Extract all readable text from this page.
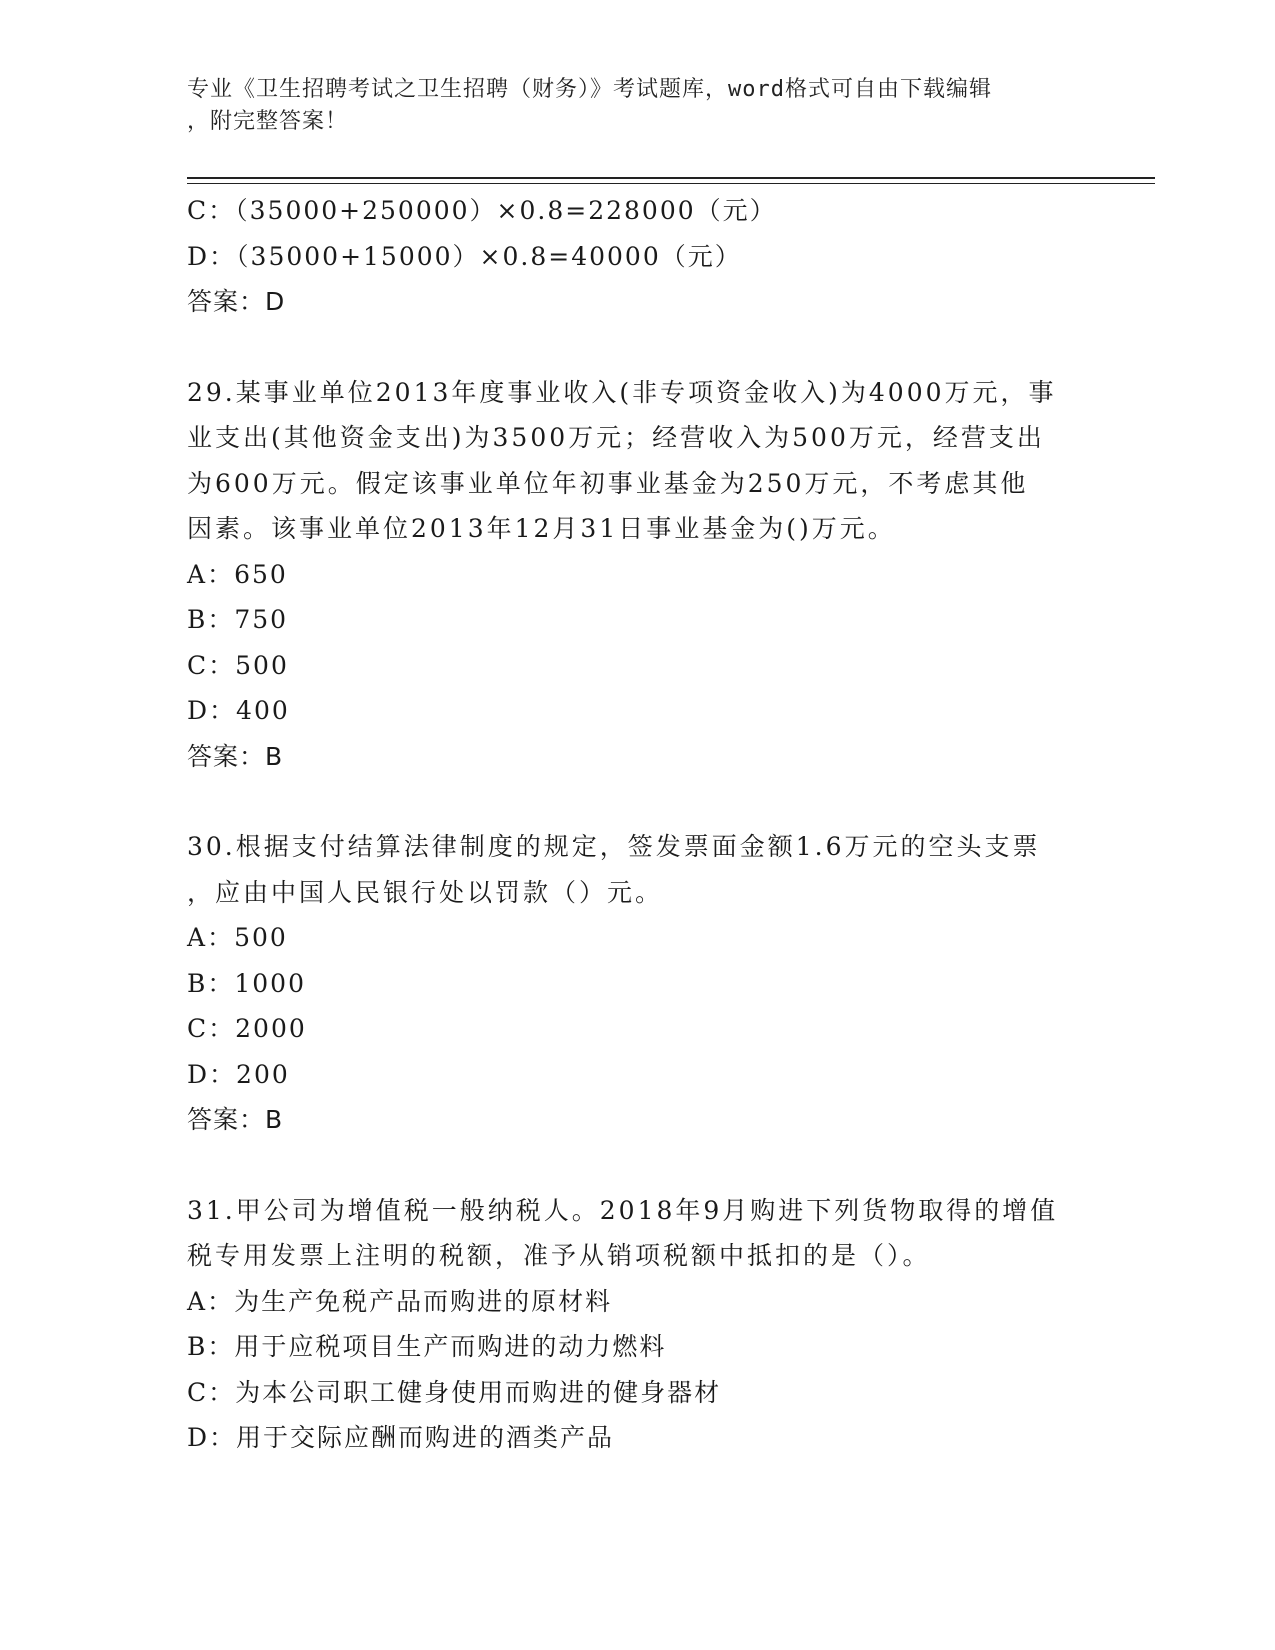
专业《卫生招聘考试之卫生招聘（财务）》考试题库，word格式可自由下载编辑
，附完整答案！
C：（35000+250000）×0.8=228000（元）
D：（35000+15000）×0.8=40000（元）
答案：D
29.某事业单位2013年度事业收入(非专项资金收入)为4000万元，事
业支出(其他资金支出)为3500万元；经营收入为500万元，经营支出
为600万元。假定该事业单位年初事业基金为250万元，不考虑其他
因素。该事业单位2013年12月31日事业基金为()万元。
A：650
B：750
C：500
D：400
答案：B
30.根据支付结算法律制度的规定，签发票面金额1.6万元的空头支票
，应由中国人民银行处以罚款（）元。
A：500
B：1000
C：2000
D：200
答案：B
31.甲公司为增值税一般纳税人。2018年9月购进下列货物取得的增值
税专用发票上注明的税额，准予从销项税额中抵扣的是（）。
A：为生产免税产品而购进的原材料
B：用于应税项目生产而购进的动力燃料
C：为本公司职工健身使用而购进的健身器材
D：用于交际应酬而购进的酒类产品
